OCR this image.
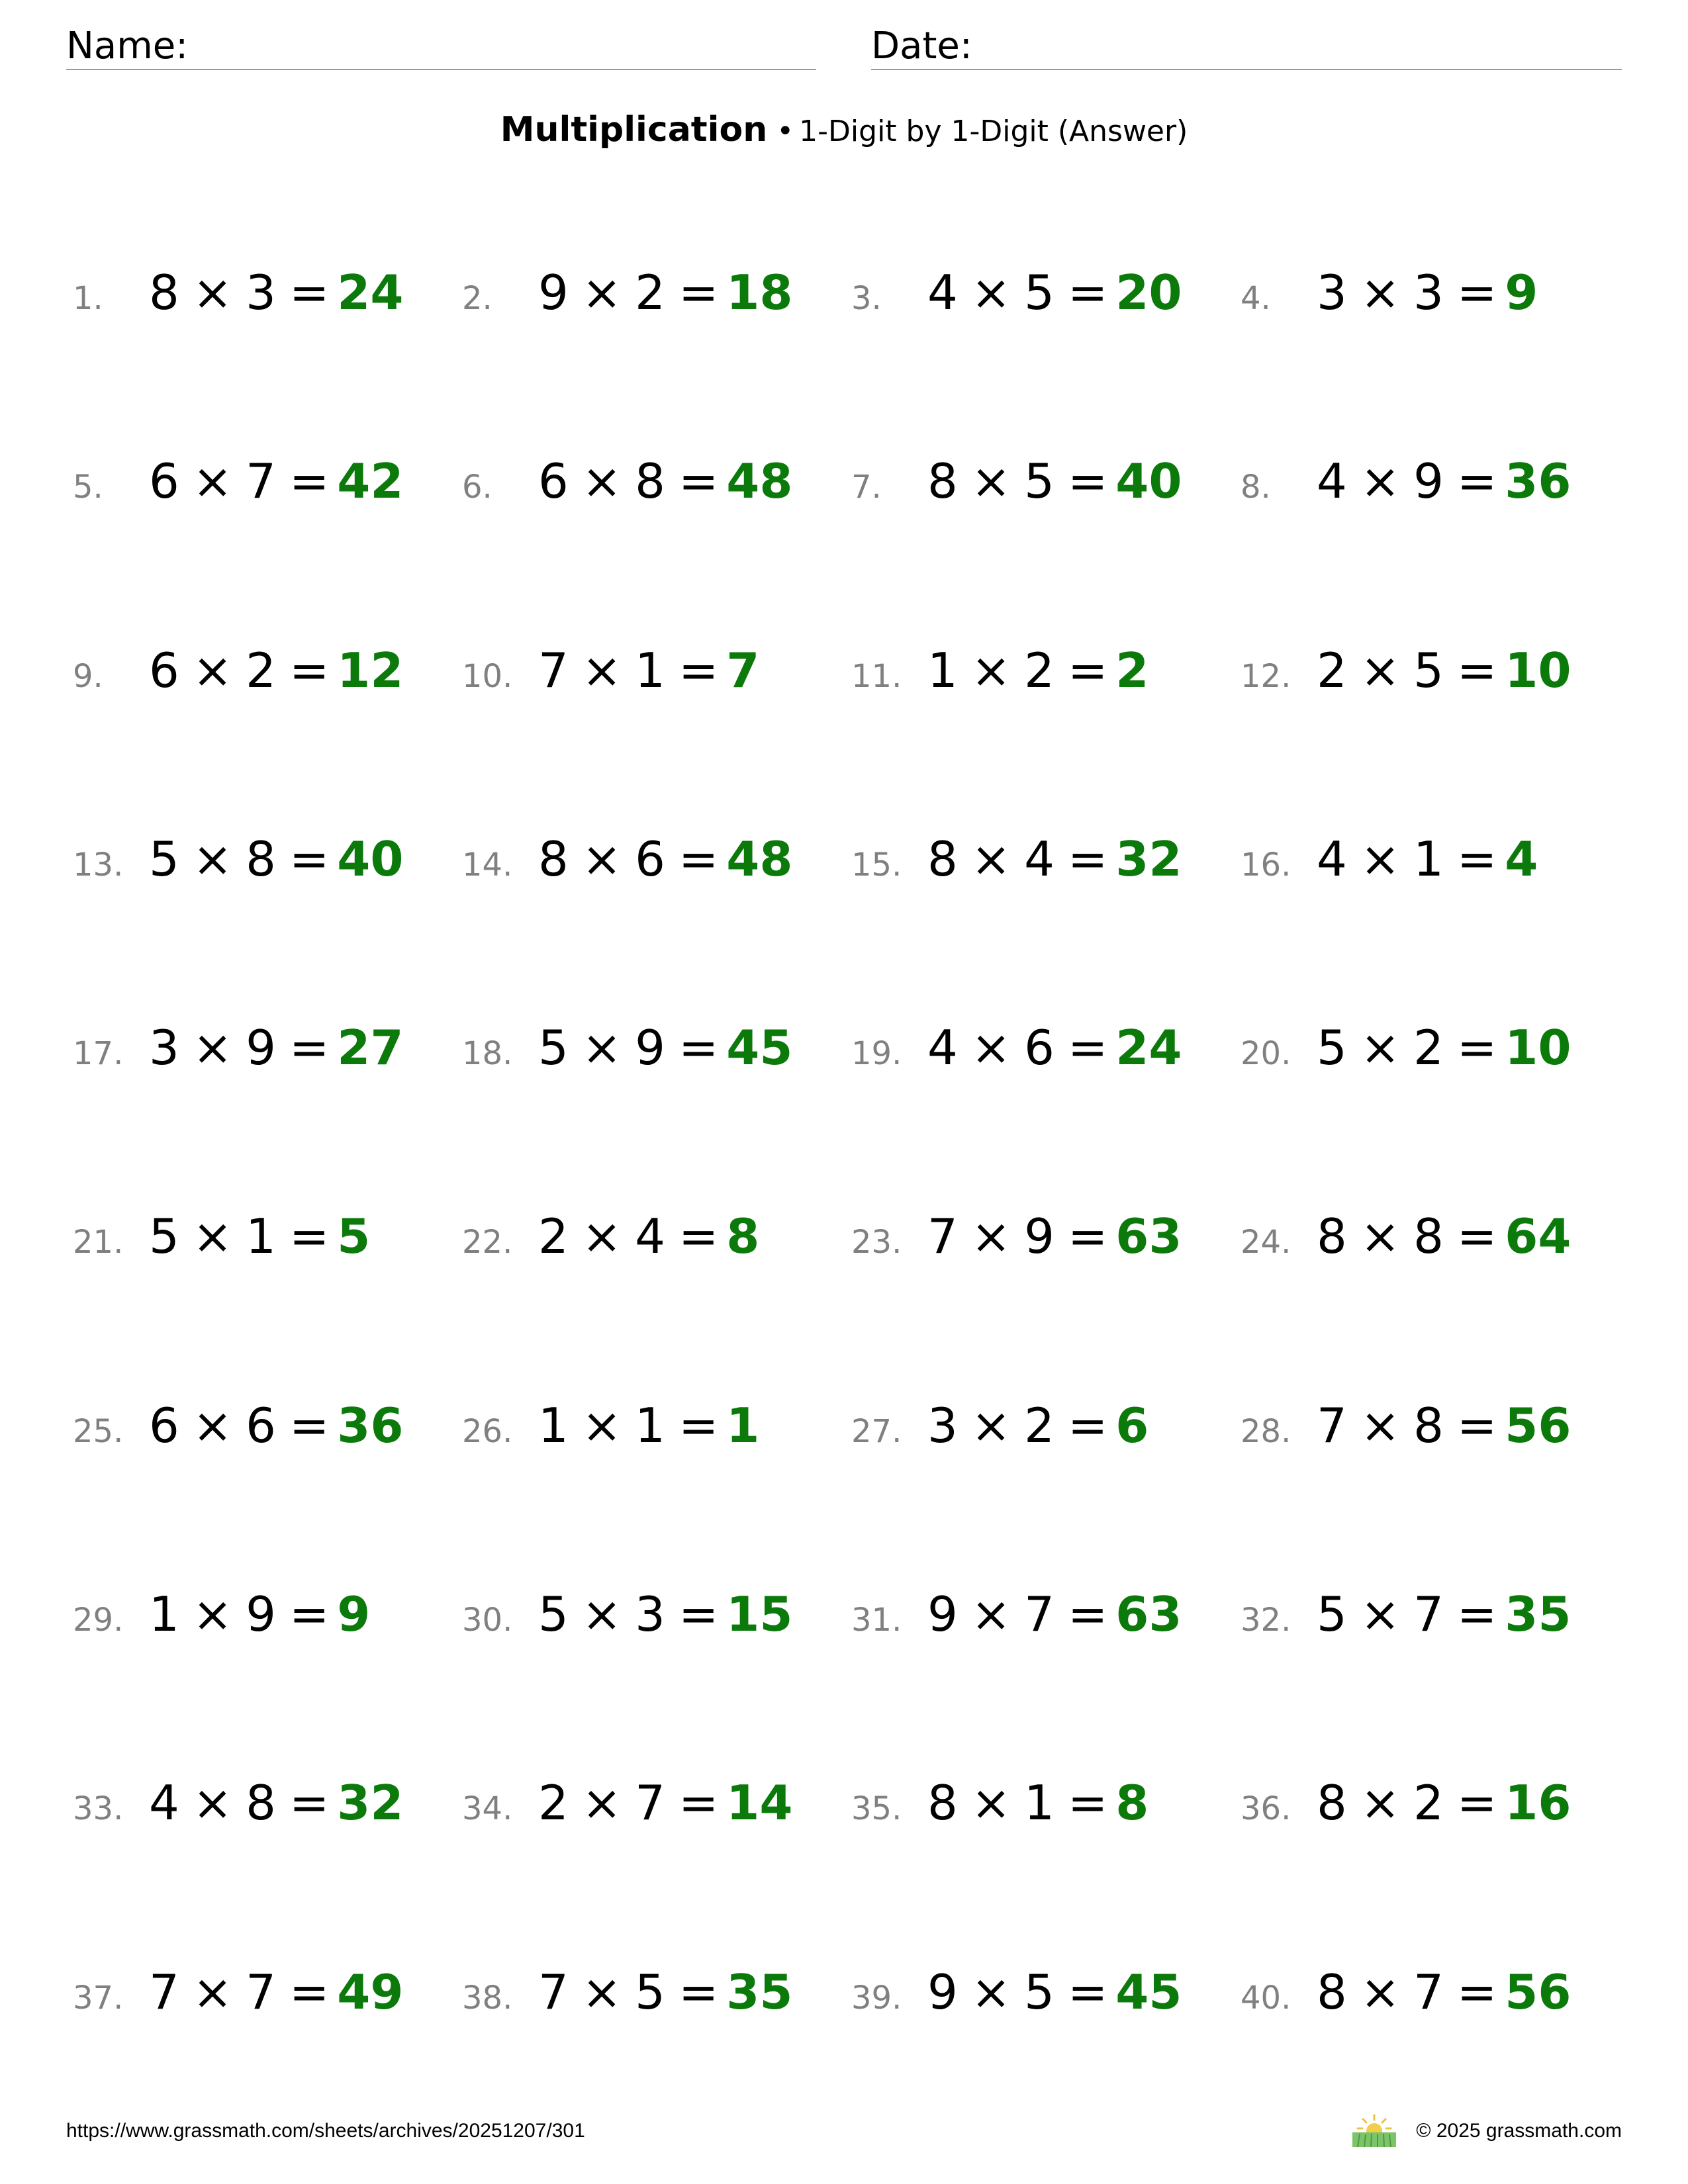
Name:	Date:
Multiplication • 1-Digit by 1-Digit (Answer)
1. 8 × 3 = 24 2. 9 × 2 = 18 3. 4 × 5 = 20 4. 3 × 3 = 9
5. 6 × 7 = 42 6. 6 × 8 = 48 7. 8 × 5 = 40 8. 4 × 9 = 36
9. 6 × 2 = 12 10. 7 × 1 = 7	11. 1 × 2 = 2	12. 2 × 5 = 10
13. 5 × 8 = 40 14. 8 × 6 = 48 15. 8 × 4 = 32 16. 4 × 1 = 4
17. 3 × 9 = 27 18. 5 × 9 = 45 19. 4 × 6 = 24 20. 5 × 2 = 10
21. 5 × 1 = 5	22. 2 × 4 = 8	23. 7 × 9 = 63 24. 8 × 8 = 64
25. 6 × 6 = 36 26. 1 × 1 = 1	27. 3 × 2 = 6	28. 7 × 8 = 56
29. 1 × 9 = 9	30. 5 × 3 = 15 31. 9 × 7 = 63 32. 5 × 7 = 35
33. 4 × 8 = 32 34. 2 × 7 = 14 35. 8 × 1 = 8	36. 8 × 2 = 16
37. 7 × 7 = 49 38. 7 × 5 = 35 39. 9 × 5 = 45 40. 8 × 7 = 56
https://www.grassmath.com/sheets/archives/20251207/301	© 2025 grassmath.com
